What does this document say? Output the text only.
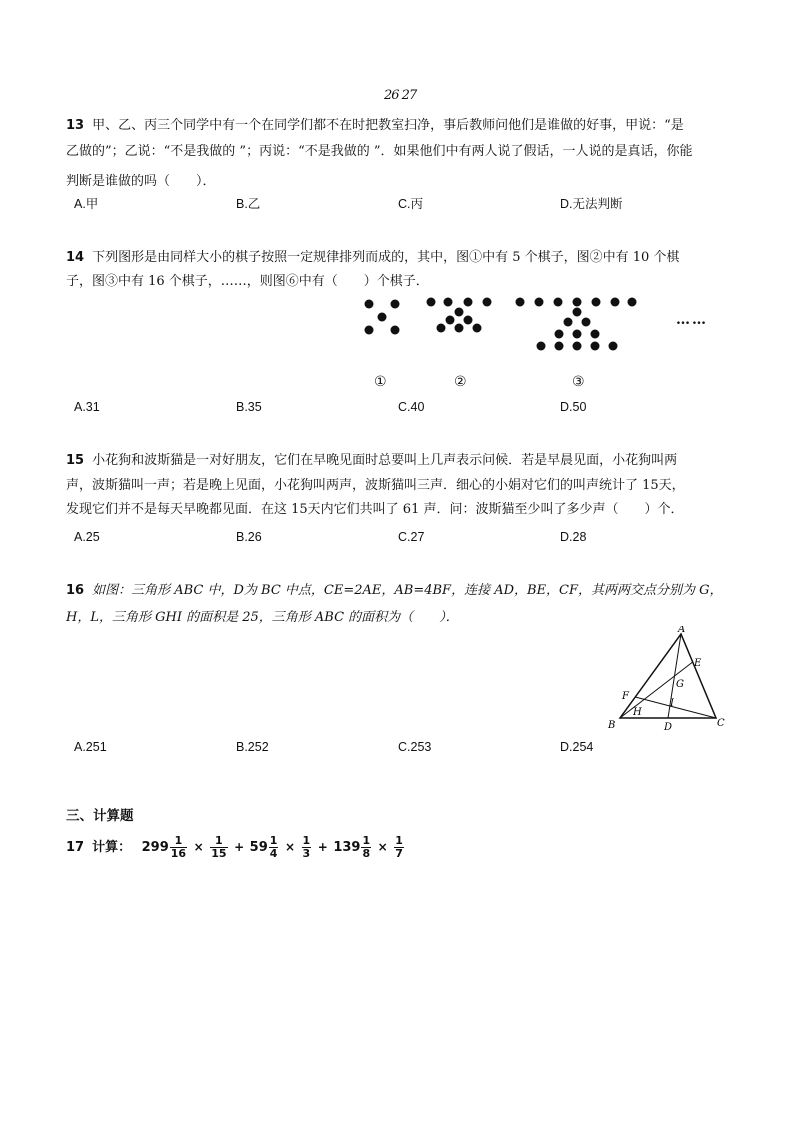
26 27
13 甲、乙、丙三个同学中有一个在同学们都不在时把教室扫净，事后教师问他们是谁做的好事，甲说：“是
乙做的”；乙说：“不是我做的 ”；丙说：“不是我做的 ”．如果他们中有两人说了假话，一人说的是真话，你能
判断是谁做的吗（　　）．
A.甲	B.乙	C.丙	D.无法判断
14 下列图形是由同样大小的棋子按照一定规律排列而成的，其中，图①中有 5 个棋子，图②中有 10 个棋
子，图③中有 16 个棋子，……，则图⑥中有（　　）个棋子．
……
①	②	③
A.31	B.35	C.40	D.50
15 小花狗和波斯猫是一对好朋友，它们在早晚见面时总要叫上几声表示问候．若是早晨见面，小花狗叫两
声，波斯猫叫一声；若是晚上见面，小花狗叫两声，波斯猫叫三声．细心的小娟对它们的叫声统计了 15天，
发现它们并不是每天早晚都见面．在这 15天内它们共叫了 61 声．问：波斯猫至少叫了多少声（　　）个．
A.25	B.26	C.27	D.28
16 如图：三角形 ABC 中，D为 BC 中点，CE=2AE，AB=4BF，连接 AD，BE，CF，其两两交点分别为 G，
H，L，三角形 GHI 的面积是 25，三角形 ABC 的面积为（　　）．
A
B	C
D
E
F
G
H
I
A.251	B.252	C.253	D.254
三、计算题
17 计算： $299 \frac{1}{16} \times \frac{1}{15} + 59 \frac{1}{4} \times \frac{1}{3} + 139 \frac{1}{8} \times \frac{1}{7}$
